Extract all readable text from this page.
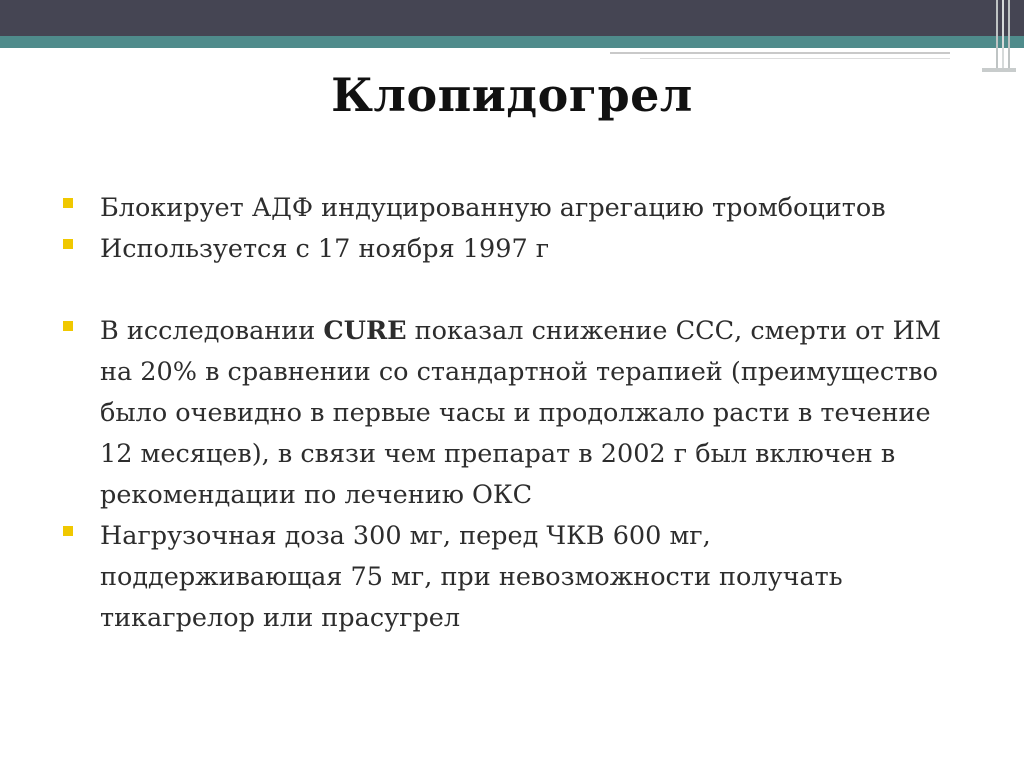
Клопидогрел
Блокирует АДФ индуцированную агрегацию тромбоцитов
Используется с 17 ноября 1997 г
В исследовании CURE показал снижение ССС, смерти от ИМ на 20% в сравнении со стандартной терапией (преимущество было очевидно в первые часы и продолжало расти в течение 12 месяцев), в связи чем препарат в 2002 г был включен в рекомендации по лечению ОКС
Нагрузочная доза 300 мг, перед ЧКВ 600 мг, поддерживающая 75 мг, при невозможности получать тикагрелор или прасугрел
